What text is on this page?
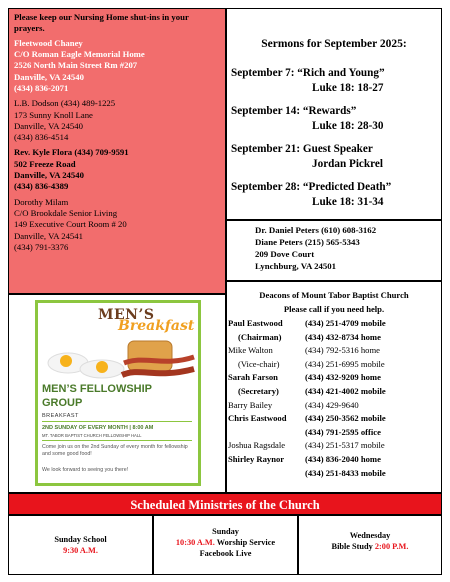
Please keep our Nursing Home shut-ins in your prayers.
Fleetwood Chaney
C/O Roman Eagle Memorial Home
2526 North Main Street Rm #207
Danville, VA 24540
(434) 836-2071
L.B. Dodson (434) 489-1225
173 Sunny Knoll Lane
Danville, VA 24540
(434) 836-4514
Rev. Kyle Flora (434) 709-9591
502 Freeze Road
Danville, VA 24540
(434) 836-4389
Dorothy Milam
C/O Brookdale Senior Living
149 Executive Court Room # 20
Danville, VA 24541
(434) 791-3376
Sermons for September 2025:
September 7: “Rich and Young”
Luke 18: 18-27
September 14: “Rewards”
Luke 18: 28-30
September 21: Guest Speaker
Jordan Pickrel
September 28: “Predicted Death”
Luke 18: 31-34
Dr. Daniel Peters (610) 608-3162
Diane Peters (215) 565-5343
209 Dove Court
Lynchburg, VA 24501
Deacons of Mount Tabor Baptist Church
Please call if you need help.
Paul Eastwood	(434) 251-4709 mobile
(Chairman)	(434) 432-8734 home
Mike Walton	(434) 792-5316 home
(Vice-chair)	(434) 251-6995 mobile
Sarah Farson	(434) 432-9209 home
(Secretary)	(434) 421-4002 mobile
Barry Bailey	(434) 429-9640
Chris Eastwood	(434) 250-3562 mobile
	(434) 791-2595 office
Joshua Ragsdale	(434) 251-5317 mobile
Shirley Raynor	(434) 836-2040 home
	(434) 251-8433 mobile
MEN’S
Breakfast
MEN’S FELLOWSHIP
GROUP
BREAKFAST
2ND SUNDAY OF EVERY MONTH | 8:00 AM
MT. TABOR BAPTIST CHURCH FELLOWSHIP HALL
Come join us on the 2nd Sunday of every month for fellowship and some good food!
We look forward to seeing you there!
Scheduled Ministries of the Church
Sunday School
9:30 A.M.
Sunday
10:30 A.M. Worship Service
Facebook Live
Wednesday
Bible Study 2:00 P.M.
